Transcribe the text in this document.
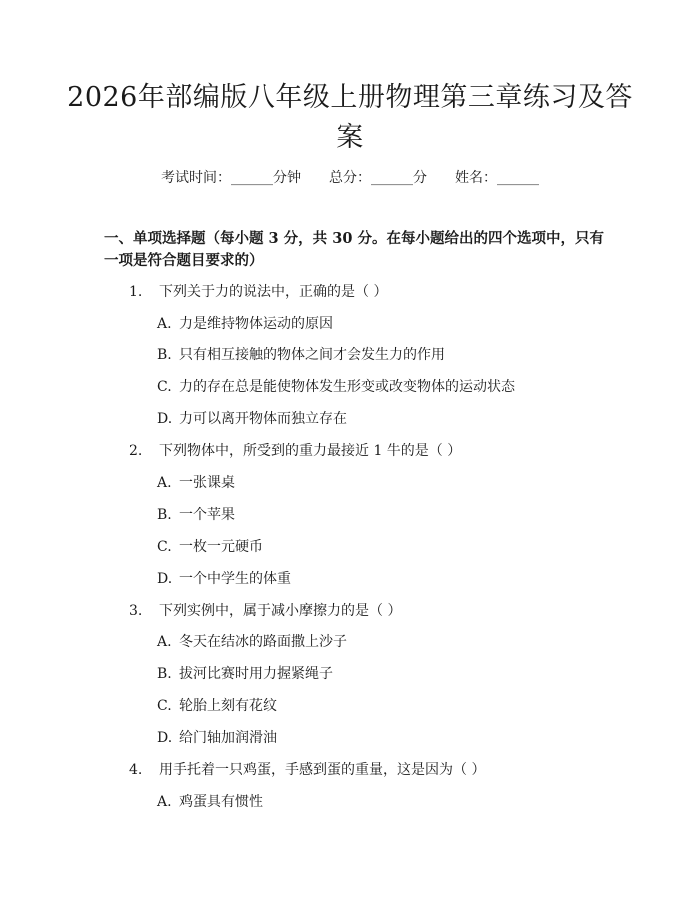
2026年部编版八年级上册物理第三章练习及答案
考试时间：______分钟 总分：______分 姓名：______

一、单项选择题（每小题 3 分，共 30 分。在每小题给出的四个选项中，只有一项是符合题目要求的）

1. 下列关于力的说法中，正确的是（ ）
A. 力是维持物体运动的原因
B. 只有相互接触的物体之间才会发生力的作用
C. 力的存在总是能使物体发生形变或改变物体的运动状态
D. 力可以离开物体而独立存在
2. 下列物体中，所受到的重力最接近 1 牛的是（ ）
A. 一张课桌
B. 一个苹果
C. 一枚一元硬币
D. 一个中学生的体重
3. 下列实例中，属于减小摩擦力的是（ ）
A. 冬天在结冰的路面撒上沙子
B. 拔河比赛时用力握紧绳子
C. 轮胎上刻有花纹
D. 给门轴加润滑油
4. 用手托着一只鸡蛋，手感到蛋的重量，这是因为（ ）
A. 鸡蛋具有惯性
